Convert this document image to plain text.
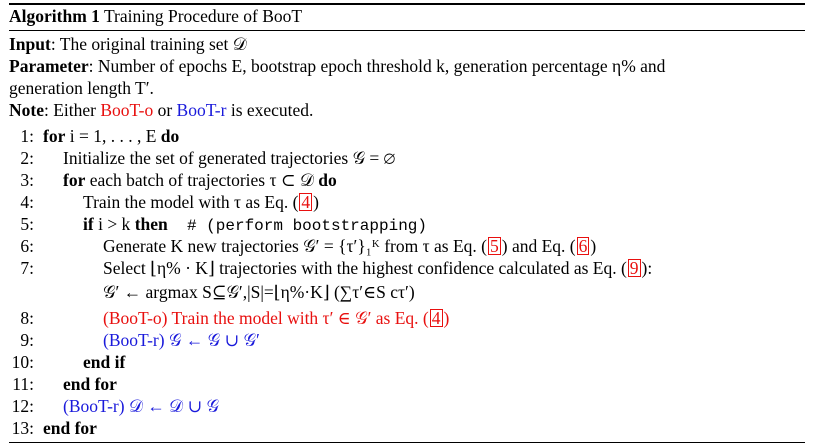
Algorithm 1 Training Procedure of BooT
Input: The original training set 𝒟
Parameter: Number of epochs E, bootstrap epoch threshold k, generation percentage η% and
generation length T′.
Note: Either BooT-o or BooT-r is executed.
1: for i = 1, . . . , E do
2: Initialize the set of generated trajectories 𝒢 = ∅
3: for each batch of trajectories τ ⊂ 𝒟 do
4:	Train the model with τ as Eq. ( 4 )
5:	if i > k then  # (perform bootstrapping)
6:	Generate K new trajectories 𝒢′ = {τ′}₁ᴷ from τ as Eq. ( 5 ) and Eq. ( 6 )
7:	Select ⌊η% · K⌋ trajectories with the highest confidence calculated as Eq. ( 9 ):
𝒢′ ← argmax S⊆𝒢′,|S|=⌊η%·K⌋ (∑τ′∈S cτ′)
8:	(BooT-o) Train the model with τ′ ∈ 𝒢′ as Eq. ( 4 )
9:	(BooT-r) 𝒢 ← 𝒢 ∪ 𝒢′
10:	end if
11: end for
12: (BooT-r) 𝒟 ← 𝒟 ∪ 𝒢
13: end for
